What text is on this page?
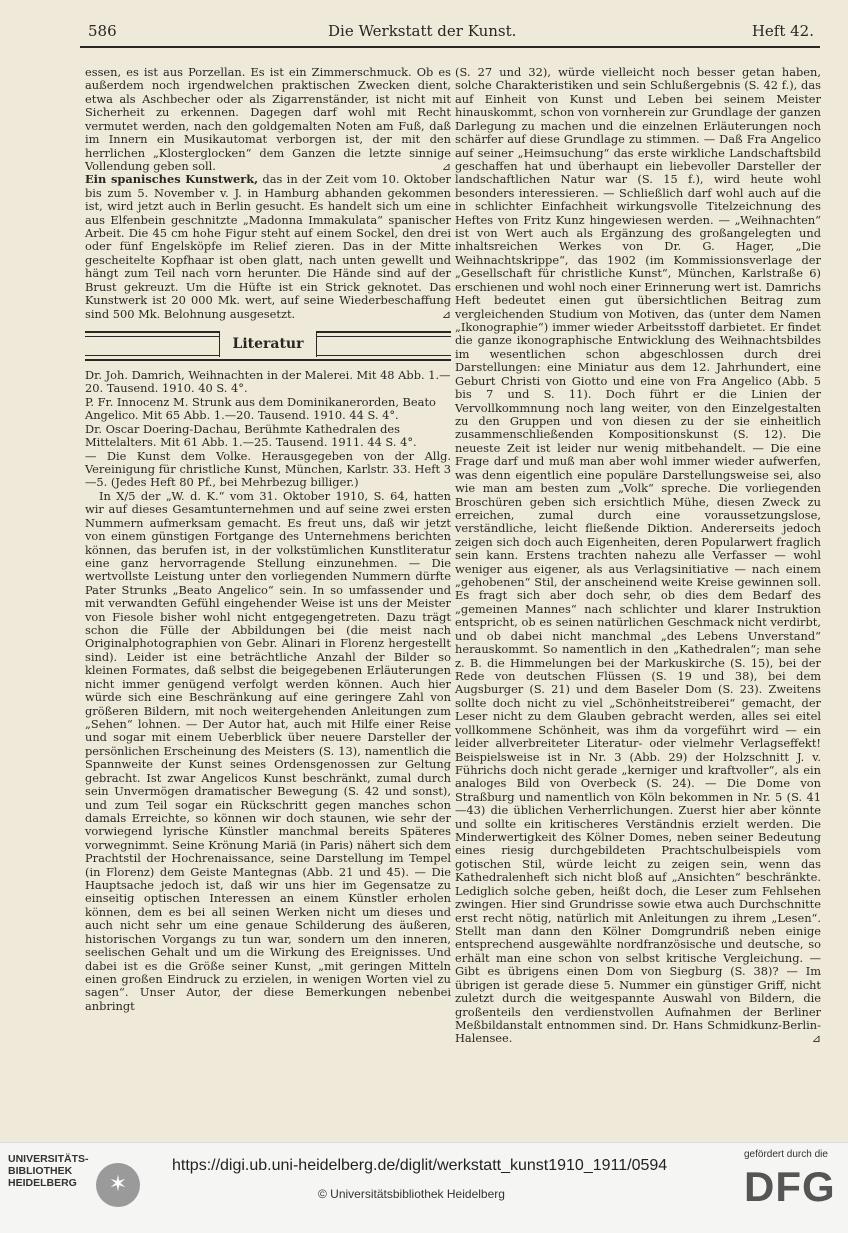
586	Die Werkstatt der Kunst.	Heft 42.

essen, es ist aus Porzellan. Es ist ein Zimmerschmuck. Ob es außerdem noch irgendwelchen praktischen Zwecken dient, etwa als Aschbecher oder als Zigarrenständer, ist nicht mit Sicherheit zu erkennen. Dagegen darf wohl mit Recht vermutet werden, nach den goldgemalten Noten am Fuß, daß im Innern ein Musikautomat verborgen ist, der mit den herrlichen „Klosterglocken“ dem Ganzen die letzte sinnige Vollendung geben soll.	⊿

Ein spanisches Kunstwerk, das in der Zeit vom 10. Oktober bis zum 5. November v. J. in Hamburg abhanden gekommen ist, wird jetzt auch in Berlin gesucht. Es handelt sich um eine aus Elfenbein geschnitzte „Madonna Immakulata“ spanischer Arbeit. Die 45 cm hohe Figur steht auf einem Sockel, den drei oder fünf Engelsköpfe im Relief zieren. Das in der Mitte gescheitelte Kopfhaar ist oben glatt, nach unten gewellt und hängt zum Teil nach vorn herunter. Die Hände sind auf der Brust gekreuzt. Um die Hüfte ist ein Strick geknotet. Das Kunstwerk ist 20 000 Mk. wert, auf seine Wiederbeschaffung sind 500 Mk. Belohnung ausgesetzt.	⊿

Literatur

Dr. Joh. Damrich, Weihnachten in der Malerei. Mit 48 Abb. 1.—20. Tausend. 1910. 40 S. 4°.

P. Fr. Innocenz M. Strunk aus dem Dominikanerorden, Beato Angelico. Mit 65 Abb. 1.—20. Tausend. 1910. 44 S. 4°.

Dr. Oscar Doering-Dachau, Berühmte Kathedralen des Mittelalters. Mit 61 Abb. 1.—25. Tausend. 1911. 44 S. 4°.

— Die Kunst dem Volke. Herausgegeben von der Allg. Vereinigung für christliche Kunst, München, Karlstr. 33. Heft 3—5. (Jedes Heft 80 Pf., bei Mehrbezug billiger.)

In X/5 der „W. d. K.“ vom 31. Oktober 1910, S. 64, hatten wir auf dieses Gesamtunternehmen und auf seine zwei ersten Nummern aufmerksam gemacht. Es freut uns, daß wir jetzt von einem günstigen Fortgange des Unternehmens berichten können, das berufen ist, in der volkstümlichen Kunstliteratur eine ganz hervorragende Stellung einzunehmen. — Die wertvollste Leistung unter den vorliegenden Nummern dürfte Pater Strunks „Beato Angelico“ sein. In so umfassender und mit verwandten Gefühl eingehender Weise ist uns der Meister von Fiesole bisher wohl nicht entgegengetreten. Dazu trägt schon die Fülle der Abbildungen bei (die meist nach Originalphotographien von Gebr. Alinari in Florenz hergestellt sind). Leider ist eine beträchtliche Anzahl der Bilder so kleinen Formates, daß selbst die beigegebenen Erläuterungen nicht immer genügend verfolgt werden können. Auch hier würde sich eine Beschränkung auf eine geringere Zahl von größeren Bildern, mit noch weitergehenden Anleitungen zum „Sehen“ lohnen. — Der Autor hat, auch mit Hilfe einer Reise und sogar mit einem Ueberblick über neuere Darsteller der persönlichen Erscheinung des Meisters (S. 13), namentlich die Spannweite der Kunst seines Ordensgenossen zur Geltung gebracht. Ist zwar Angelicos Kunst beschränkt, zumal durch sein Unvermögen dramatischer Bewegung (S. 42 und sonst), und zum Teil sogar ein Rückschritt gegen manches schon damals Erreichte, so können wir doch staunen, wie sehr der vorwiegend lyrische Künstler manchmal bereits Späteres vorwegnimmt. Seine Krönung Mariä (in Paris) nähert sich dem Prachtstil der Hochrenaissance, seine Darstellung im Tempel (in Florenz) dem Geiste Mantegnas (Abb. 21 und 45). — Die Hauptsache jedoch ist, daß wir uns hier im Gegensatze zu einseitig optischen Interessen an einem Künstler erholen können, dem es bei all seinen Werken nicht um dieses und auch nicht sehr um eine genaue Schilderung des äußeren, historischen Vorgangs zu tun war, sondern um den inneren, seelischen Gehalt und um die Wirkung des Ereignisses. Und dabei ist es die Größe seiner Kunst, „mit geringen Mitteln einen großen Eindruck zu erzielen, in wenigen Worten viel zu sagen“. Unser Autor, der diese Bemerkungen nebenbei anbringt

(S. 27 und 32), würde vielleicht noch besser getan haben, solche Charakteristiken und sein Schlußergebnis (S. 42 f.), das auf Einheit von Kunst und Leben bei seinem Meister hinauskommt, schon von vornherein zur Grundlage der ganzen Darlegung zu machen und die einzelnen Erläuterungen noch schärfer auf diese Grundlage zu stimmen. — Daß Fra Angelico auf seiner „Heimsuchung“ das erste wirkliche Landschaftsbild geschaffen hat und überhaupt ein liebevoller Darsteller der landschaftlichen Natur war (S. 15 f.), wird heute wohl besonders interessieren. — Schließlich darf wohl auch auf die in schlichter Einfachheit wirkungsvolle Titelzeichnung des Heftes von Fritz Kunz hingewiesen werden. — „Weihnachten“ ist von Wert auch als Ergänzung des großangelegten und inhaltsreichen Werkes von Dr. G. Hager, „Die Weihnachtskrippe“, das 1902 (im Kommissionsverlage der „Gesellschaft für christliche Kunst“, München, Karlstraße 6) erschienen und wohl noch einer Erinnerung wert ist. Damrichs Heft bedeutet einen gut übersichtlichen Beitrag zum vergleichenden Studium von Motiven, das (unter dem Namen „Ikonographie“) immer wieder Arbeitsstoff darbietet. Er findet die ganze ikonographische Entwicklung des Weihnachtsbildes im wesentlichen schon abgeschlossen durch drei Darstellungen: eine Miniatur aus dem 12. Jahrhundert, eine Geburt Christi von Giotto und eine von Fra Angelico (Abb. 5 bis 7 und S. 11). Doch führt er die Linien der Vervollkommnung noch lang weiter, von den Einzelgestalten zu den Gruppen und von diesen zu der sie einheitlich zusammenschließenden Kompositionskunst (S. 12). Die neueste Zeit ist leider nur wenig mitbehandelt. — Die eine Frage darf und muß man aber wohl immer wieder aufwerfen, was denn eigentlich eine populäre Darstellungsweise sei, also wie man am besten zum „Volk“ spreche. Die vorliegenden Broschüren geben sich ersichtlich Mühe, diesen Zweck zu erreichen, zumal durch eine voraussetzungslose, verständliche, leicht fließende Diktion. Andererseits jedoch zeigen sich doch auch Eigenheiten, deren Popularwert fraglich sein kann. Erstens trachten nahezu alle Verfasser — wohl weniger aus eigener, als aus Verlagsinitiative — nach einem „gehobenen“ Stil, der anscheinend weite Kreise gewinnen soll. Es fragt sich aber doch sehr, ob dies dem Bedarf des „gemeinen Mannes“ nach schlichter und klarer Instruktion entspricht, ob es seinen natürlichen Geschmack nicht verdirbt, und ob dabei nicht manchmal „des Lebens Unverstand“ herauskommt. So namentlich in den „Kathedralen“; man sehe z. B. die Himmelungen bei der Markuskirche (S. 15), bei der Rede von deutschen Flüssen (S. 19 und 38), bei dem Augsburger (S. 21) und dem Baseler Dom (S. 23). Zweitens sollte doch nicht zu viel „Schönheitstreiberei“ gemacht, der Leser nicht zu dem Glauben gebracht werden, alles sei eitel vollkommene Schönheit, was ihm da vorgeführt wird — ein leider allverbreiteter Literatur- oder vielmehr Verlagseffekt! Beispielsweise ist in Nr. 3 (Abb. 29) der Holzschnitt J. v. Führichs doch nicht gerade „kerniger und kraftvoller“, als ein analoges Bild von Overbeck (S. 24). — Die Dome von Straßburg und namentlich von Köln bekommen in Nr. 5 (S. 41—43) die üblichen Verherrlichungen. Zuerst hier aber könnte und sollte ein kritischeres Verständnis erzielt werden. Die Minderwertigkeit des Kölner Domes, neben seiner Bedeutung eines riesig durchgebildeten Prachtschulbeispiels vom gotischen Stil, würde leicht zu zeigen sein, wenn das Kathedralenheft sich nicht bloß auf „Ansichten“ beschränkte. Lediglich solche geben, heißt doch, die Leser zum Fehlsehen zwingen. Hier sind Grundrisse sowie etwa auch Durchschnitte erst recht nötig, natürlich mit Anleitungen zu ihrem „Lesen“. Stellt man dann den Kölner Domgrundriß neben einige entsprechend ausgewählte nordfranzösische und deutsche, so erhält man eine schon von selbst kritische Vergleichung. — Gibt es übrigens einen Dom von Siegburg (S. 38)? — Im übrigen ist gerade diese 5. Nummer ein günstiger Griff, nicht zuletzt durch die weitgespannte Auswahl von Bildern, die großenteils den verdienstvollen Aufnahmen der Berliner Meßbildanstalt entnommen sind. Dr. Hans Schmidkunz-Berlin-Halensee.	⊿

UNIVERSITÄTS-
BIBLIOTHEK
HEIDELBERG	✶
https://digi.ub.uni-heidelberg.de/diglit/werkstatt_kunst1910_1911/0594
© Universitätsbibliothek Heidelberg
gefördert durch die
DFG
